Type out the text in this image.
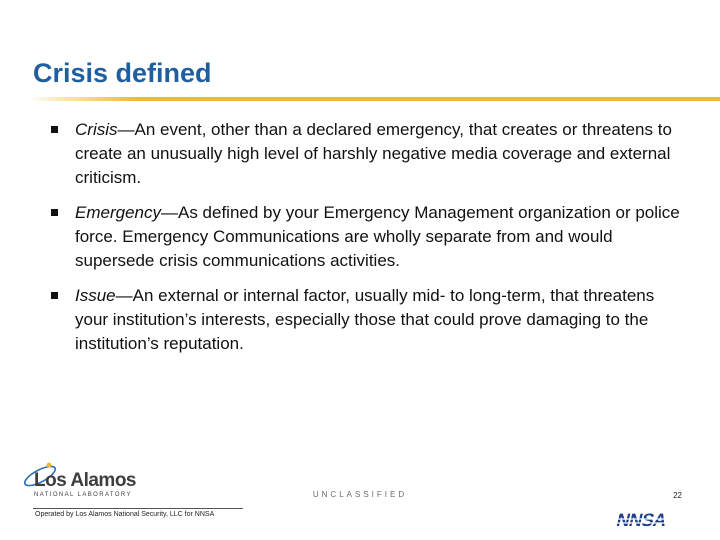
Crisis defined
Crisis—An event, other than a declared emergency, that creates or threatens to create an unusually high level of harshly negative media coverage and external criticism.
Emergency—As defined by your Emergency Management organization or police force. Emergency Communications are wholly separate from and would supersede crisis communications activities.
Issue—An external or internal factor, usually mid- to long-term, that threatens your institution’s interests, especially those that could prove damaging to the institution’s reputation.
Los Alamos
NATIONAL LABORATORY
Operated by Los Alamos National Security, LLC for NNSA
UNCLASSIFIED	22
NNSA
